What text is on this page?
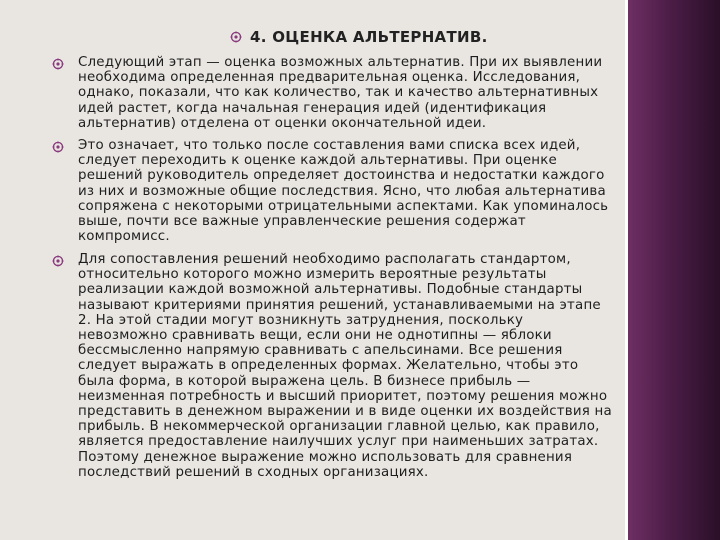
4. ОЦЕНКА АЛЬТЕРНАТИВ.
Следующий этап — оценка возможных альтернатив. При их выявлении необходима определенная предварительная оценка. Исследования, однако, показали, что как количество, так и качество альтернативных идей растет, когда начальная генерация идей (идентификация альтернатив) отделена от оценки окончательной идеи.
Это означает, что только после составления вами списка всех идей, следует переходить к оценке каждой альтернативы. При оценке решений руководитель определяет достоинства и недостатки каждого из них и возможные общие последствия. Ясно, что любая альтернатива сопряжена с некоторыми отрицательными аспектами. Как упоминалось выше, почти все важные управленческие решения содержат компромисс.
Для сопоставления решений необходимо располагать стандартом, относительно которого можно измерить вероятные результаты реализации каждой возможной альтернативы. Подобные стандарты называют критериями принятия решений, устанавливаемыми на этапе 2. На этой стадии могут возникнуть затруднения, поскольку невозможно сравнивать вещи, если они не однотипны — яблоки бессмысленно напрямую сравнивать с апельсинами. Все решения следует выражать в определенных формах. Желательно, чтобы это была форма, в которой выражена цель. В бизнесе прибыль — неизменная потребность и высший приоритет, поэтому решения можно представить в денежном выражении и в виде оценки их воздействия на прибыль. В некоммерческой организации главной целью, как правило, является предоставление наилучших услуг при наименьших затратах. Поэтому денежное выражение можно использовать для сравнения последствий решений в сходных организациях.
